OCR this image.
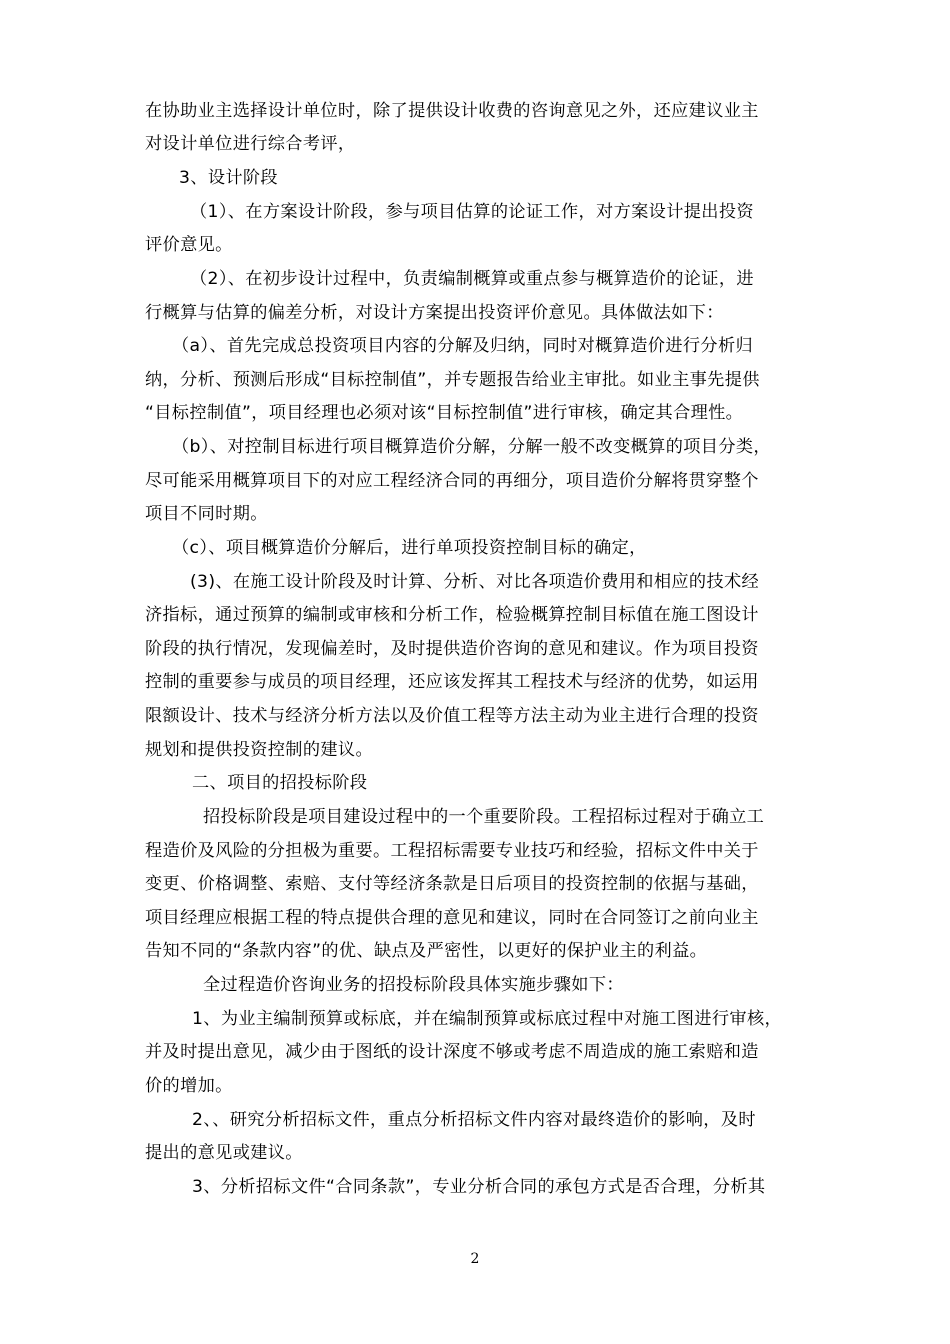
在协助业主选择设计单位时，除了提供设计收费的咨询意见之外，还应建议业主
对设计单位进行综合考评，
3、设计阶段
（1）、在方案设计阶段，参与项目估算的论证工作，对方案设计提出投资
评价意见。
（2）、在初步设计过程中，负责编制概算或重点参与概算造价的论证，进
行概算与估算的偏差分析，对设计方案提出投资评价意见。具体做法如下：
（a）、首先完成总投资项目内容的分解及归纳，同时对概算造价进行分析归
纳，分析、预测后形成“目标控制值”，并专题报告给业主审批。如业主事先提供
“目标控制值”，项目经理也必须对该“目标控制值”进行审核，确定其合理性。
（b）、对控制目标进行项目概算造价分解，分解一般不改变概算的项目分类，
尽可能采用概算项目下的对应工程经济合同的再细分，项目造价分解将贯穿整个
项目不同时期。
（c）、项目概算造价分解后，进行单项投资控制目标的确定，
(3)、在施工设计阶段及时计算、分析、对比各项造价费用和相应的技术经
济指标，通过预算的编制或审核和分析工作，检验概算控制目标值在施工图设计
阶段的执行情况，发现偏差时，及时提供造价咨询的意见和建议。作为项目投资
控制的重要参与成员的项目经理，还应该发挥其工程技术与经济的优势，如运用
限额设计、技术与经济分析方法以及价值工程等方法主动为业主进行合理的投资
规划和提供投资控制的建议。
二、项目的招投标阶段
招投标阶段是项目建设过程中的一个重要阶段。工程招标过程对于确立工
程造价及风险的分担极为重要。工程招标需要专业技巧和经验，招标文件中关于
变更、价格调整、索赔、支付等经济条款是日后项目的投资控制的依据与基础，
项目经理应根据工程的特点提供合理的意见和建议，同时在合同签订之前向业主
告知不同的“条款内容”的优、缺点及严密性，以更好的保护业主的利益。
全过程造价咨询业务的招投标阶段具体实施步骤如下：
1、为业主编制预算或标底，并在编制预算或标底过程中对施工图进行审核，
并及时提出意见，减少由于图纸的设计深度不够或考虑不周造成的施工索赔和造
价的增加。
2、、研究分析招标文件，重点分析招标文件内容对最终造价的影响，及时
提出的意见或建议。
3、分析招标文件“合同条款”，专业分析合同的承包方式是否合理，分析其
2
